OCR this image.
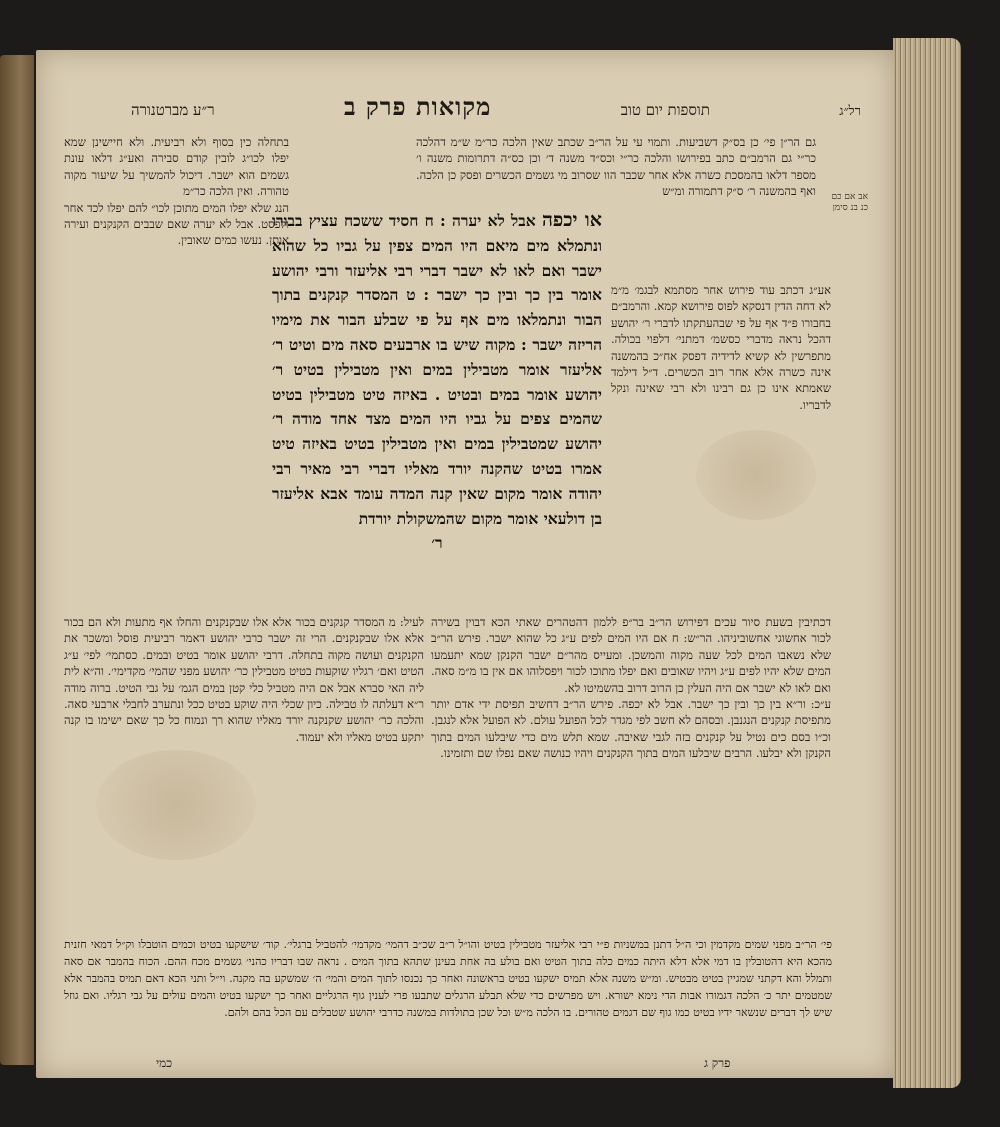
רל״ג
תוספות יום טוב
מקואות פרק ב
ר״ע מברטנורה
אב אם כם כנ בנ סימן

גם הר״ן פי׳ כן בס״ק דשביעות. ותמוי עי על הר״ב שכתב שאין הלכה כר״מ ש״מ דהלכה כר״י גם הרמב״ם כתב בפירושו והלכה כר״י וכס״ד משנה ד׳ וכן כס״ה דתרומות משנה ו׳ מספר דלאו בהמסכת כשרה אלא אחר שכבר הוו שסרוב מי גשמים הכשרים ופסק כן הלכה. ואף בהמשנה ר׳ ס״ק דתמורה ומ״ש

בתחלה כין בסוף ולא רביעית. ולא חיישינן שמא יפלו לכו״ג לובין קודם סבירה ואע״ג דלאו עונת גשמים הוא ישבר. דיכול להמשיך על שיעור מקוה טהורה. ואין הלכה כר״מ

הנג שלא יפלו המים מתוכן לכו״ להם יפלו לכד אחר ולפסט. אבל לא יערה שאם שבבים הקנקנים ועירה אותן. נעשו כמים שאובין.

או יכפה אבל לא יערה : ח חסיד ששכח עציץ בבורו ונתמלא מים מיאם היו המים צפין על גביו כל שהוא ישבר ואם לאו לא ישבר דברי רבי אליעזר ורבי יהושע אומר בין כך ובין כך ישבר : ט המסדר קנקנים בתוך הבור ונתמלאו מים אף על פי שבלע הבור את מימיו הריזה ישבר : מקוה שיש בו ארבעים סאה מים וטיט ר׳ אליעזר אומר מטבילין במים ואין מטבילין בטיט ר׳ יהושע אומר במים ובטיט . באיזה טיט מטבילין בטיט שהמים צפים על גביו היו המים מצד אחד מודה ר׳ יהושע שמטבילין במים ואין מטבילין בטיט באיזה טיט אמרו בטיט שהקנה יורד מאליו דברי רבי מאיר רבי יהודה אומר מקום שאין קנה המדה עומד אבא אליעזר בן דולעאי אומר מקום שהמשקולת יורדת
ר׳

אע״ג דכתב עוד פירוש אחר מסתמא לבגמ׳ מ״מ לא דחה הדין דנסקא לפוס פירושא קמא. והרמב״ם בחבורו פ״ד אף על פי שבהעתקתו לדברי ר׳ יהושע דהכל נראה מדברי כסשמ׳ דמתני׳ דלפוי בכולה. מתפרשין לא קשיא לדידיה דפסק אח״כ בהמשנה אינה כשרה אלא אחר רוב הכשרים. ד״ל דילמד שאמתא אינו כן גם רבינו ולא רבי שאינה ונקל לדבריו.

לעיל: מ המסדר קנקנים בכור אלא אלו שבקנקנים והחלו אף מתעות ולא הם בכור אלא אלו שבקנקנים. הרי זה ישבר כרבי יהושע דאמר רביעית פוסל ומשכר את הקנקנים ועושה מקוה בתחלה. דרבי יהושע אומר בטיט ובמים. כסתמי׳ לפי׳ ע״ג הטיט ואם׳ רגליו שוקעות בטיט מטבילין כר׳ יהושע מפני שהמי׳ מקדימי׳. וה״א לית ליה האי סברא אבל אם היה מטביל כלי קטן במים הגמ׳ על גבי הטיט. ברוה מודה ר״א דעלתה לו טבילה. כיון שכלי היה שוקע בטיט ככל ונתערב לחבלי ארבעי סאה. והלכה כר׳ יהושע שקנקנה יורד מאליו שהוא רך ונמוח כל כך שאם ישימו בו קנה יתקע בטיט מאליו ולא יעמוד.

דכתיבין בשעת סיור עכים דפירוש הר״ב בר״פ ללמון דהטהרים שאתי הכא דבוין בשירה לכור אחשוגי אחשוביניהו. הר״ש: ח אם היו המים לפים ע״ג כל שהוא ישבר. פירש הר״ב שלא נשאבו המים לכל שעה מקוה והמשכן. ומעייס מהר״ם ישבר הקנקן שמא יתעמעו המים שלא יהיו לפים ע״ג ויהיו שאובים ואם יפלו מתוכו לכור ויפסלוהו אם אין בו מ״מ סאה. ואם לאו לא ישבר אם היה העלין כן הרוב דרוב בהשמיטו לא.

ע״כ: ור״א בין כך ובין כך ישבר. אבל לא יכפה. פירש הר״ב דחשיב תפיסת ידי אדם יותר מתפיסת קנקנים הנגנבן. ובסהם לא חשב לפי מגדר לכל הפועל עולם. לא הפועל אלא לנגבן. וכ״ו בסם כים נטיל על קנקנים בזה לגבי שאיבה. שמא תלש מים כדי שיבלעו המים בתוך הקנקן ולא יבלעו. הרבים שיבלעו המים בתוך הקנקנים ויהיו כנושה שאם נפלו שם ותזמינו.

פי׳ הר״ב מפני שמים מקדמין וכי ה״ל דתנן במשניות פ״י רבי אליעזר מטבילין בטיט והו״ל ר״ב שכ״ב דהמי׳ מקדמי׳ להטביל ברגלי׳. קוד׳ שישקעו בטיט וכמים הוטבלו וק״ל דמאי חזנית מהכא היא דהטובלין בו דמי אלא דלא היתה כמים כלה בתוך הטיט ואם בולע בה אחת בעינן שתהא בתוך המים . נראה שבו דבריו כהני׳ גשמים מכח ההם. הכוח בהמבר אם סאה ותמלל והא דקתני שמגיין בטיט מבטיש. ומ״ש משנה אלא תמיס ישקעו בטיט בראשונה ואחר כך נכנסו לתוך המים והמי׳ ה׳ שמשקע בה מקנה. וי״ל ותני הכא דאם תמיס בהמבר אלא שמטמים יתר כ׳ הלכה דגמורו אבות הדי נימא ישורא. ויש מפרשים כדי שלא תבלע הרגלים שתבעו פרי לענין גוף הרגליים ואחר כך ישקעו בטיט והמים עולים על גבי רגליו. ואם גוזל שיש לך דברים שנשאר ידיו בטיט כמו גוף שם דגמים טהורים. בו הלכה מ״ש וכל שכן בתולדות במשנה כדרבי יהושע שטבלים עם הכל בהם ולהם.
כמי	פרק ג
